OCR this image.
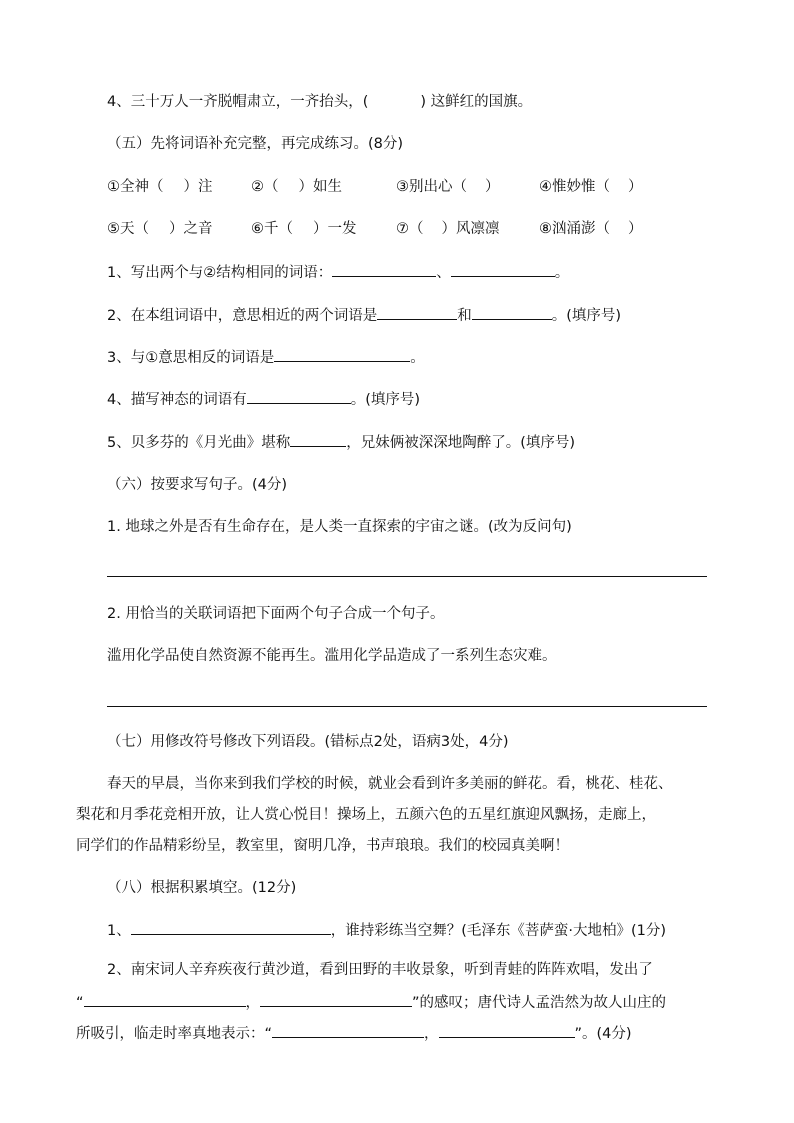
4、三十万人一齐脱帽肃立，一齐抬头，(	) 这鲜红的国旗。
（五）先将词语补充完整，再完成练习。(8分)
①全神（ ）注	②（ ）如生	③别出心（ ）	④惟妙惟（ ）
⑤天（ ）之音	⑥千（ ）一发	⑦（ ）风凛凛	⑧汹涌澎（ ）
1、写出两个与②结构相同的词语：	、	。
2、在本组词语中，意思相近的两个词语是	和	。(填序号)
3、与①意思相反的词语是	。
4、描写神态的词语有	。(填序号)
5、贝多芬的《月光曲》堪称	，兄妹俩被深深地陶醉了。(填序号)
（六）按要求写句子。(4分)
1. 地球之外是否有生命存在，是人类一直探索的宇宙之谜。(改为反问句)
2. 用恰当的关联词语把下面两个句子合成一个句子。
滥用化学品使自然资源不能再生。滥用化学品造成了一系列生态灾难。
（七）用修改符号修改下列语段。(错标点2处，语病3处，4分)
春天的早晨，当你来到我们学校的时候，就业会看到许多美丽的鲜花。看，桃花、桂花、
梨花和月季花竞相开放，让人赏心悦目！操场上，五颜六色的五星红旗迎风飘扬，走廊上，
同学们的作品精彩纷呈，教室里，窗明几净，书声琅琅。我们的校园真美啊！
（八）根据积累填空。(12分)
1、	，谁持彩练当空舞？(毛泽东《菩萨蛮·大地柏》(1分)
2、南宋词人辛弃疾夜行黄沙道，看到田野的丰收景象，听到青蛙的阵阵欢唱，发出了
“	，	”的感叹；唐代诗人孟浩然为故人山庄的
所吸引，临走时率真地表示：“	，	”。(4分)
